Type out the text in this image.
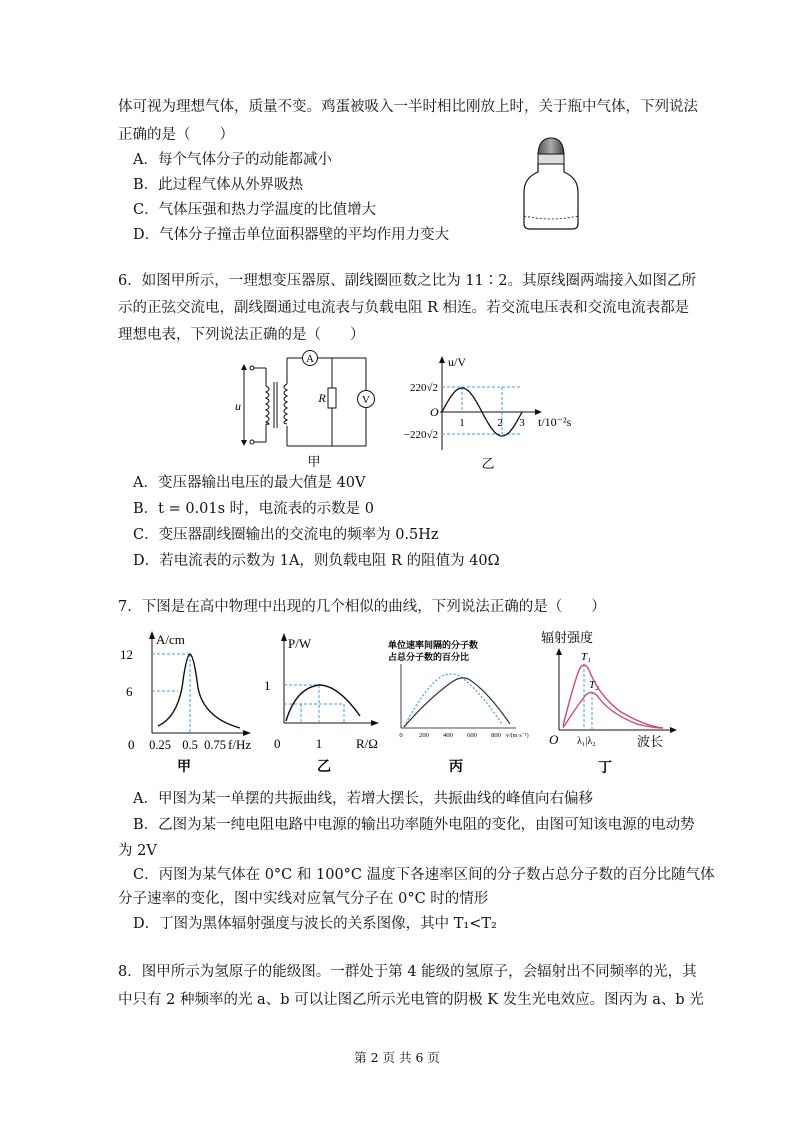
体可视为理想气体，质量不变。鸡蛋被吸入一半时相比刚放上时，关于瓶中气体，下列说法
正确的是（　　）
A．每个气体分子的动能都减小
B．此过程气体从外界吸热
C．气体压强和热力学温度的比值增大
D．气体分子撞击单位面积器壁的平均作用力变大
6．如图甲所示，一理想变压器原、副线圈匝数之比为 11∶2。其原线圈两端接入如图乙所
示的正弦交流电，副线圈通过电流表与负载电阻 R 相连。若交流电压表和交流电流表都是
理想电表，下列说法正确的是（　　）
A
V
R
u
甲
u/V
t/10⁻²s
O
220√2
−220√2
1	2 3
乙
A．变压器输出电压的最大值是 40V
B．t = 0.01s 时，电流表的示数是 0
C．变压器副线圈输出的交流电的频率为 0.5Hz
D．若电流表的示数为 1A，则负载电阻 R 的阻值为 40Ω
7．下图是在高中物理中出现的几个相似的曲线，下列说法正确的是（　　）
A/cm
f/Hz
0
12
6
0.25 0.5 0.75
甲
P/W
R/Ω
0
1
1
乙
单位速率间隔的分子数
占总分子数的百分比
0	200 400 600 800 v/(m·s⁻¹)
丙
辐射强度
O	波长
T₁
T₂
λ₁|λ₂
丁
A．甲图为某一单摆的共振曲线，若增大摆长，共振曲线的峰值向右偏移
B．乙图为某一纯电阻电路中电源的输出功率随外电阻的变化，由图可知该电源的电动势
为 2V
C．丙图为某气体在 0°C 和 100°C 温度下各速率区间的分子数占总分子数的百分比随气体
分子速率的变化，图中实线对应氧气分子在 0°C 时的情形
D．丁图为黑体辐射强度与波长的关系图像，其中 T₁<T₂
8．图甲所示为氢原子的能级图。一群处于第 4 能级的氢原子，会辐射出不同频率的光，其
中只有 2 种频率的光 a、b 可以让图乙所示光电管的阴极 K 发生光电效应。图丙为 a、b 光
第 2 页 共 6 页
